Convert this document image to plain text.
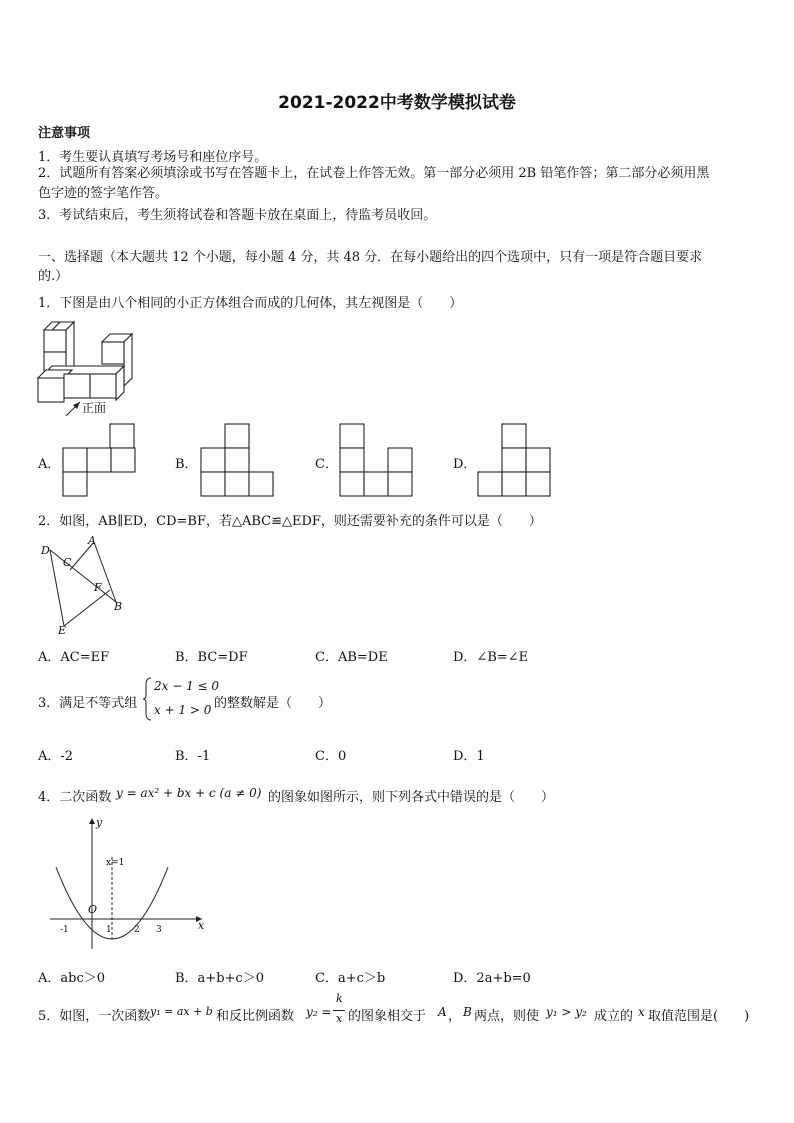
2021-2022中考数学模拟试卷
注意事项
1．考生要认真填写考场号和座位序号。
2．试题所有答案必须填涂或书写在答题卡上，在试卷上作答无效。第一部分必须用 2B 铅笔作答；第二部分必须用黑
色字迹的签字笔作答。
3．考试结束后，考生须将试卷和答题卡放在桌面上，待监考员收回。
一、选择题（本大题共 12 个小题，每小题 4 分，共 48 分．在每小题给出的四个选项中，只有一项是符合题目要求
的.）
1．下图是由八个相同的小正方体组合而成的几何体，其左视图是（　　）
正面
A．	B．	C．	D．
2．如图，AB∥ED，CD=BF，若△ABC≌△EDF，则还需要补充的条件可以是（　　）
D
A
C
F
B
E
A．AC=EF	B．BC=DF	C．AB=DE	D．∠B=∠E
3．满足不等式组
2x − 1 ≤ 0
x + 1 > 0 的整数解是（　　）
A．-2	B．-1	C．0	D．1
4．二次函数 y = ax² + bx + c (a ≠ 0) 的图象如图所示，则下列各式中错误的是（　　）
y
x
O
x=1
-1	1 2 3
A．abc＞0	B．a+b+c＞0	C．a+c＞b	D．2a+b=0
5．如图，一次函数 y₁ = ax + b 和反比例函数 y₂ =
k
x 的图象相交于 A ， B 两点，则使 y₁ > y₂ 成立的 x 取值范围是(　　)
